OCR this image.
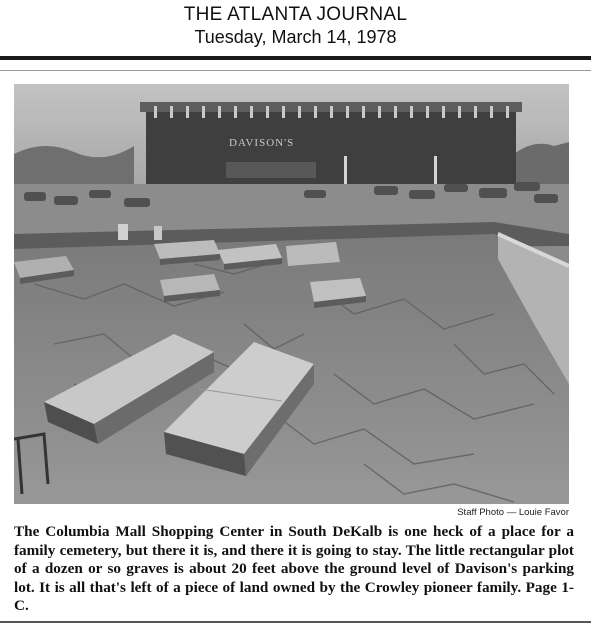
THE ATLANTA JOURNAL
Tuesday, March 14, 1978
DAVISON'S
Staff Photo — Louie Favor
The Columbia Mall Shopping Center in South DeKalb is one heck of a place for a family cemetery, but there it is, and there it is going to stay. The little rectangular plot of a dozen or so graves is about 20 feet above the ground level of Davison's parking lot. It is all that's left of a piece of land owned by the Crowley pioneer family. Page 1-C.
